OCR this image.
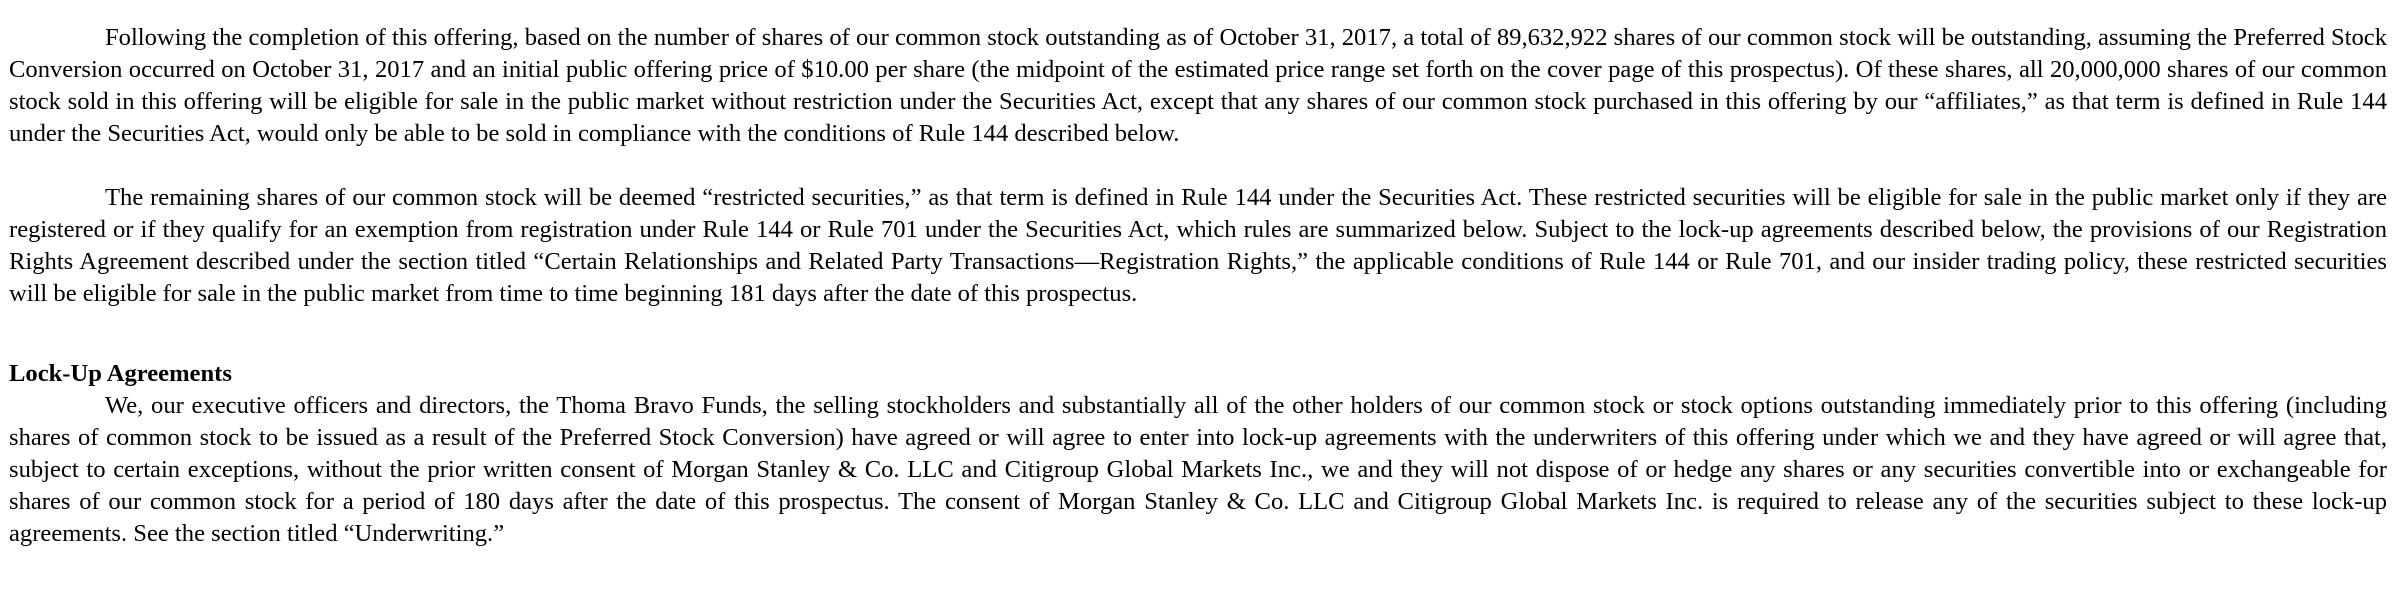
Following the completion of this offering, based on the number of shares of our common stock outstanding as of October 31, 2017, a total of 89,632,922 shares of our common stock will be outstanding, assuming the Preferred Stock Conversion occurred on October 31, 2017 and an initial public offering price of $10.00 per share (the midpoint of the estimated price range set forth on the cover page of this prospectus). Of these shares, all 20,000,000 shares of our common stock sold in this offering will be eligible for sale in the public market without restriction under the Securities Act, except that any shares of our common stock purchased in this offering by our “affiliates,” as that term is defined in Rule 144 under the Securities Act, would only be able to be sold in compliance with the conditions of Rule 144 described below.

The remaining shares of our common stock will be deemed “restricted securities,” as that term is defined in Rule 144 under the Securities Act. These restricted securities will be eligible for sale in the public market only if they are registered or if they qualify for an exemption from registration under Rule 144 or Rule 701 under the Securities Act, which rules are summarized below. Subject to the lock-up agreements described below, the provisions of our Registration Rights Agreement described under the section titled “Certain Relationships and Related Party Transactions—Registration Rights,” the applicable conditions of Rule 144 or Rule 701, and our insider trading policy, these restricted securities will be eligible for sale in the public market from time to time beginning 181 days after the date of this prospectus.

Lock-Up Agreements

We, our executive officers and directors, the Thoma Bravo Funds, the selling stockholders and substantially all of the other holders of our common stock or stock options outstanding immediately prior to this offering (including shares of common stock to be issued as a result of the Preferred Stock Conversion) have agreed or will agree to enter into lock-up agreements with the underwriters of this offering under which we and they have agreed or will agree that, subject to certain exceptions, without the prior written consent of Morgan Stanley & Co. LLC and Citigroup Global Markets Inc., we and they will not dispose of or hedge any shares or any securities convertible into or exchangeable for shares of our common stock for a period of 180 days after the date of this prospectus. The consent of Morgan Stanley & Co. LLC and Citigroup Global Markets Inc. is required to release any of the securities subject to these lock-up agreements. See the section titled “Underwriting.”
